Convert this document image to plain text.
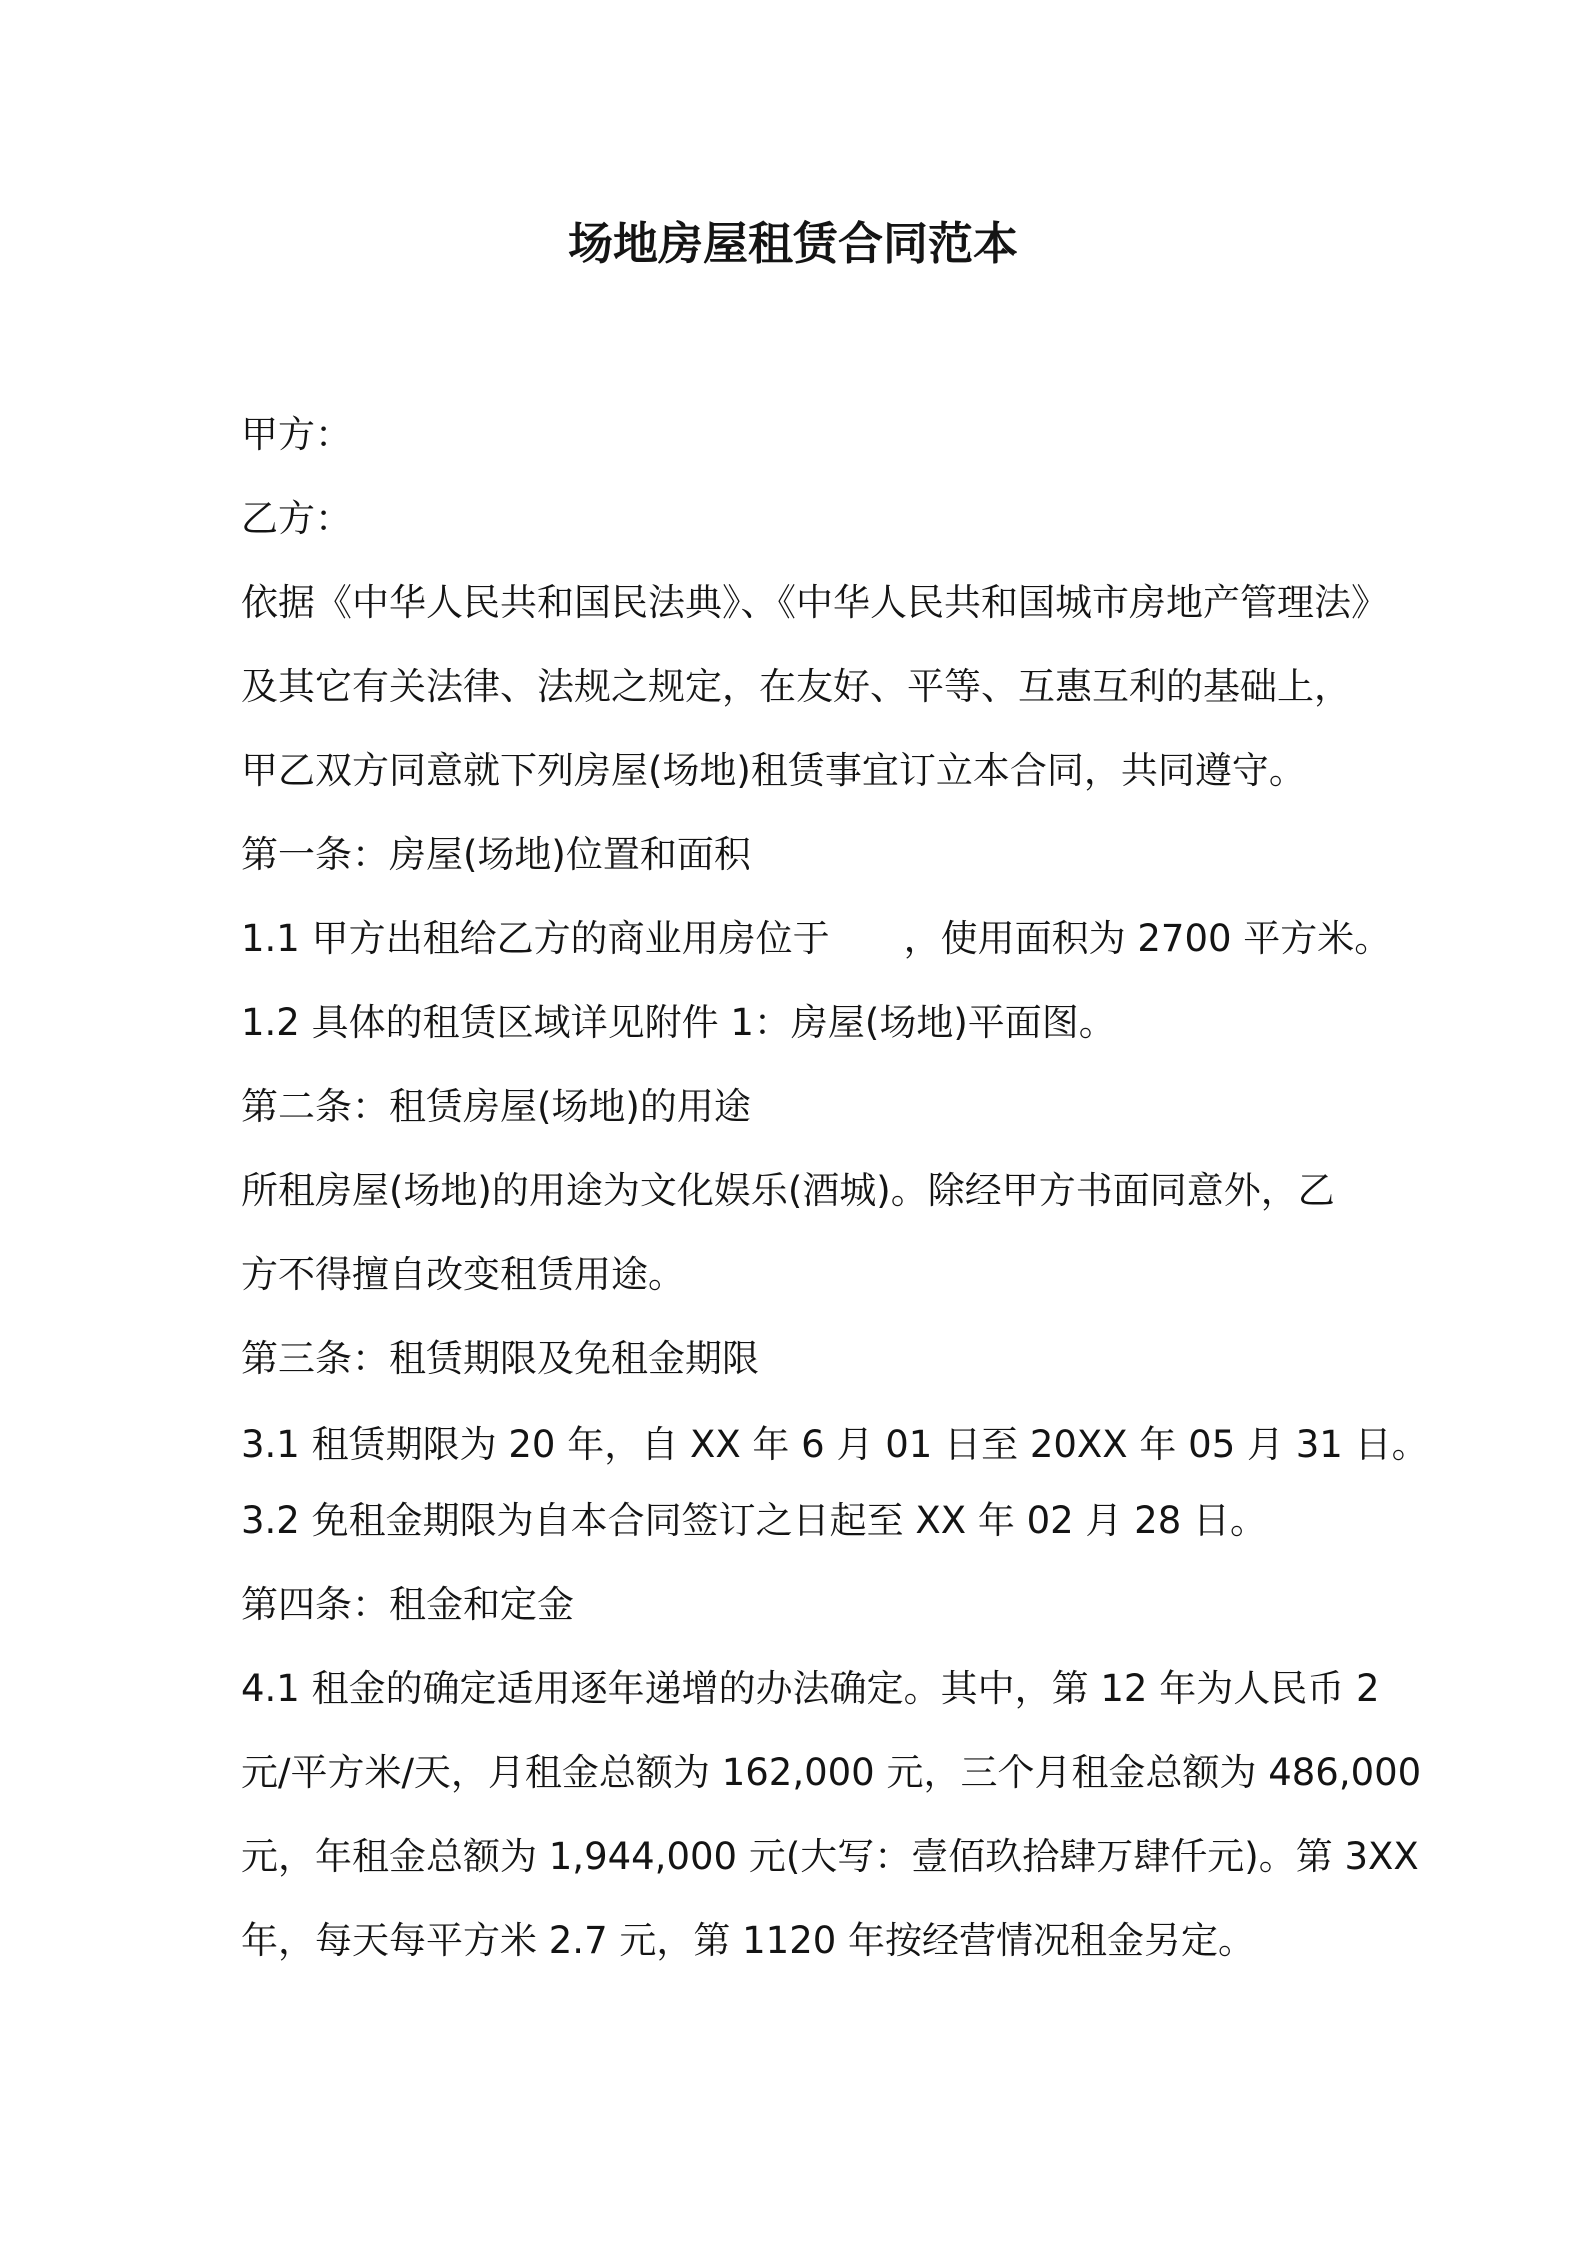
场地房屋租赁合同范本

甲方：

乙方：

依据《中华人民共和国民法典》、《中华人民共和国城市房地产管理法》

及其它有关法律、法规之规定，在友好、平等、互惠互利的基础上，

甲乙双方同意就下列房屋(场地)租赁事宜订立本合同，共同遵守。

第一条：房屋(场地)位置和面积

1.1 甲方出租给乙方的商业用房位于　　，使用面积为 2700 平方米。

1.2 具体的租赁区域详见附件 1：房屋(场地)平面图。

第二条：租赁房屋(场地)的用途

所租房屋(场地)的用途为文化娱乐(酒城)。除经甲方书面同意外，乙

方不得擅自改变租赁用途。

第三条：租赁期限及免租金期限

3.1 租赁期限为 20 年，自 XX 年 6 月 01 日至 20XX 年 05 月 31 日。

3.2 免租金期限为自本合同签订之日起至 XX 年 02 月 28 日。

第四条：租金和定金

4.1 租金的确定适用逐年递增的办法确定。其中，第 12 年为人民币 2

元/平方米/天，月租金总额为 162,000 元，三个月租金总额为 486,000

元，年租金总额为 1,944,000 元(大写：壹佰玖拾肆万肆仟元)。第 3XX

年，每天每平方米 2.7 元，第 1120 年按经营情况租金另定。
